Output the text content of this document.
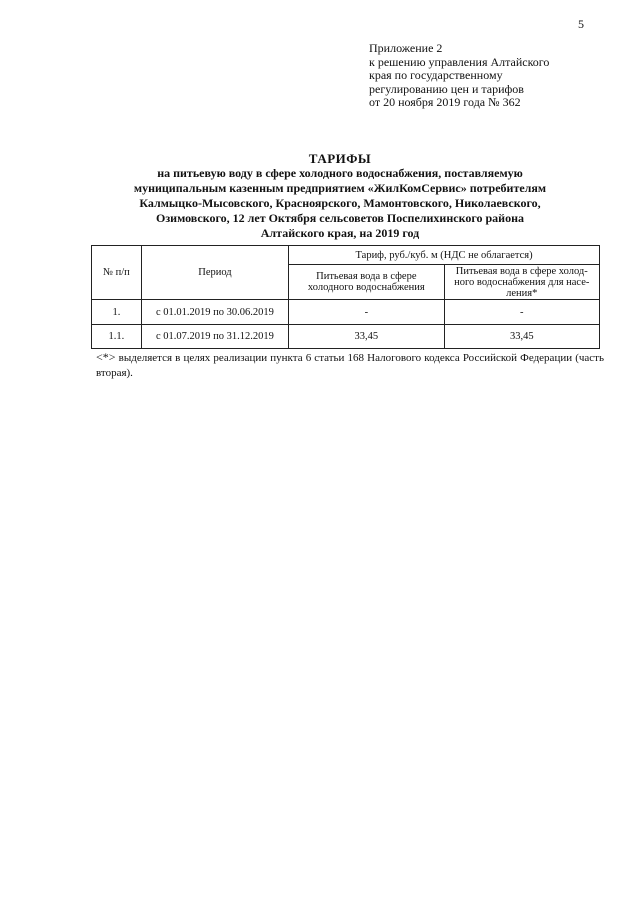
5
Приложение 2
к решению управления Алтайского
края по государственному
регулированию цен и тарифов
от 20 ноября 2019 года № 362
ТАРИФЫ
на питьевую воду в сфере холодного водоснабжения, поставляемую
муниципальным казенным предприятием «ЖилКомСервис» потребителям
Калмыцко-Мысовского, Красноярского, Мамонтовского, Николаевского,
Озимовского, 12 лет Октября сельсоветов Поспелихинского района
Алтайского края, на 2019 год
№ п/п	Период	Тариф, руб./куб. м (НДС не облагается)	
		Питьевая вода в сфере холодного водоснабжения	Питьевая вода в сфере холод-ного водоснабжения для насе-ления*
1.	с 01.01.2019 по 30.06.2019	-	-
1.1.	с 01.07.2019 по 31.12.2019	33,45	33,45
<*> выделяется в целях реализации пункта 6 статьи 168 Налогового кодекса Российской Федерации (часть вторая).
